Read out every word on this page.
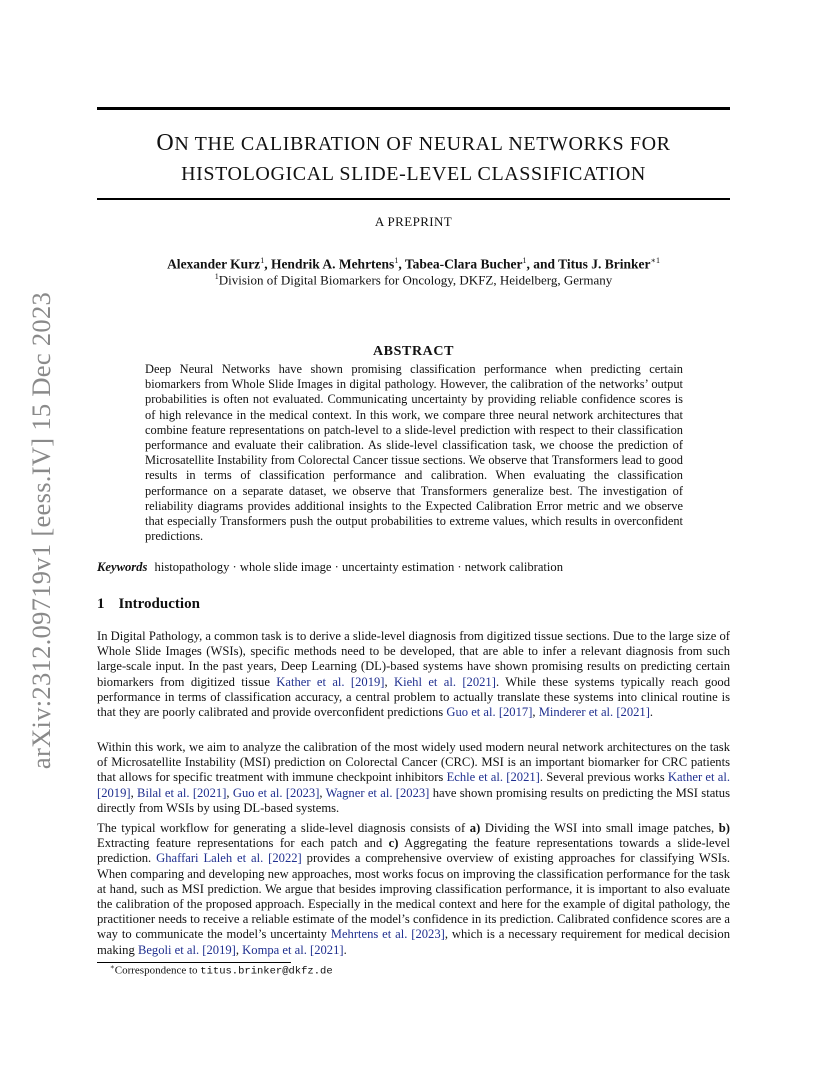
arXiv:2312.09719v1 [eess.IV] 15 Dec 2023
ON THE CALIBRATION OF NEURAL NETWORKS FOR
HISTOLOGICAL SLIDE-LEVEL CLASSIFICATION
A PREPRINT
Alexander Kurz$^1$, Hendrik A. Mehrtens$^1$, Tabea-Clara Bucher$^1$, and Titus J. Brinker$^{∗1}$
$^1$Division of Digital Biomarkers for Oncology, DKFZ, Heidelberg, Germany
ABSTRACT

Deep Neural Networks have shown promising classification performance when predicting certain biomarkers from Whole Slide Images in digital pathology. However, the calibration of the networks’ output probabilities is often not evaluated. Communicating uncertainty by providing reliable confidence scores is of high relevance in the medical context. In this work, we compare three neural network architectures that combine feature representations on patch-level to a slide-level prediction with respect to their classification performance and evaluate their calibration. As slide-level classification task, we choose the prediction of Microsatellite Instability from Colorectal Cancer tissue sections. We observe that Transformers lead to good results in terms of classification performance and calibration. When evaluating the classification performance on a separate dataset, we observe that Transformers generalize best. The investigation of reliability diagrams provides additional insights to the Expected Calibration Error metric and we observe that especially Transformers push the output probabilities to extreme values, which results in overconfident predictions.

Keywords histopathology · whole slide image · uncertainty estimation · network calibration
1 Introduction

In Digital Pathology, a common task is to derive a slide-level diagnosis from digitized tissue sections. Due to the large size of Whole Slide Images (WSIs), specific methods need to be developed, that are able to infer a relevant diagnosis from such large-scale input. In the past years, Deep Learning (DL)-based systems have shown promising results on predicting certain biomarkers from digitized tissue Kather et al. [2019], Kiehl et al. [2021]. While these systems typically reach good performance in terms of classification accuracy, a central problem to actually translate these systems into clinical routine is that they are poorly calibrated and provide overconfident predictions Guo et al. [2017], Minderer et al. [2021].

Within this work, we aim to analyze the calibration of the most widely used modern neural network architectures on the task of Microsatellite Instability (MSI) prediction on Colorectal Cancer (CRC). MSI is an important biomarker for CRC patients that allows for specific treatment with immune checkpoint inhibitors Echle et al. [2021]. Several previous works Kather et al. [2019], Bilal et al. [2021], Guo et al. [2023], Wagner et al. [2023] have shown promising results on predicting the MSI status directly from WSIs by using DL-based systems.

The typical workflow for generating a slide-level diagnosis consists of a) Dividing the WSI into small image patches, b) Extracting feature representations for each patch and c) Aggregating the feature representations towards a slide-level prediction. Ghaffari Laleh et al. [2022] provides a comprehensive overview of existing approaches for classifying WSIs. When comparing and developing new approaches, most works focus on improving the classification performance for the task at hand, such as MSI prediction. We argue that besides improving classification performance, it is important to also evaluate the calibration of the proposed approach. Especially in the medical context and here for the example of digital pathology, the practitioner needs to receive a reliable estimate of the model’s confidence in its prediction. Calibrated confidence scores are a way to communicate the model’s uncertainty Mehrtens et al. [2023], which is a necessary requirement for medical decision making Begoli et al. [2019], Kompa et al. [2021].

∗Correspondence to titus.brinker@dkfz.de
